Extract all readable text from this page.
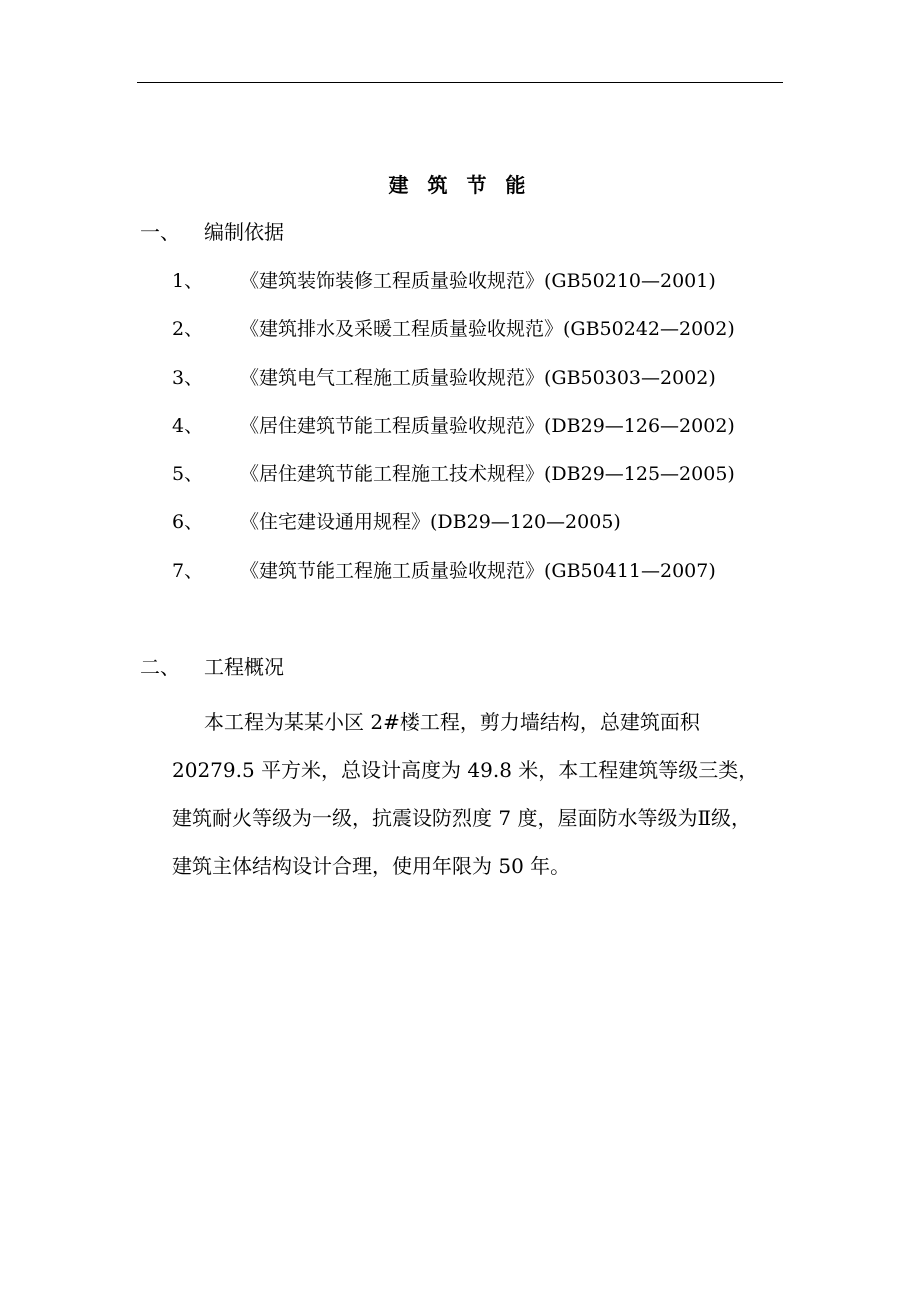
建 筑 节 能
一、 编制依据
1、 《建筑装饰装修工程质量验收规范》(GB50210—2001)
2、 《建筑排水及采暖工程质量验收规范》(GB50242—2002)
3、 《建筑电气工程施工质量验收规范》(GB50303—2002)
4、 《居住建筑节能工程质量验收规范》(DB29—126—2002)
5、 《居住建筑节能工程施工技术规程》(DB29—125—2005)
6、 《住宅建设通用规程》(DB29—120—2005)
7、 《建筑节能工程施工质量验收规范》(GB50411—2007)
二、 工程概况

本工程为某某小区 2#楼工程，剪力墙结构，总建筑面积
20279.5 平方米，总设计高度为 49.8 米，本工程建筑等级三类，
建筑耐火等级为一级，抗震设防烈度 7 度，屋面防水等级为Ⅱ级，
建筑主体结构设计合理，使用年限为 50 年。
